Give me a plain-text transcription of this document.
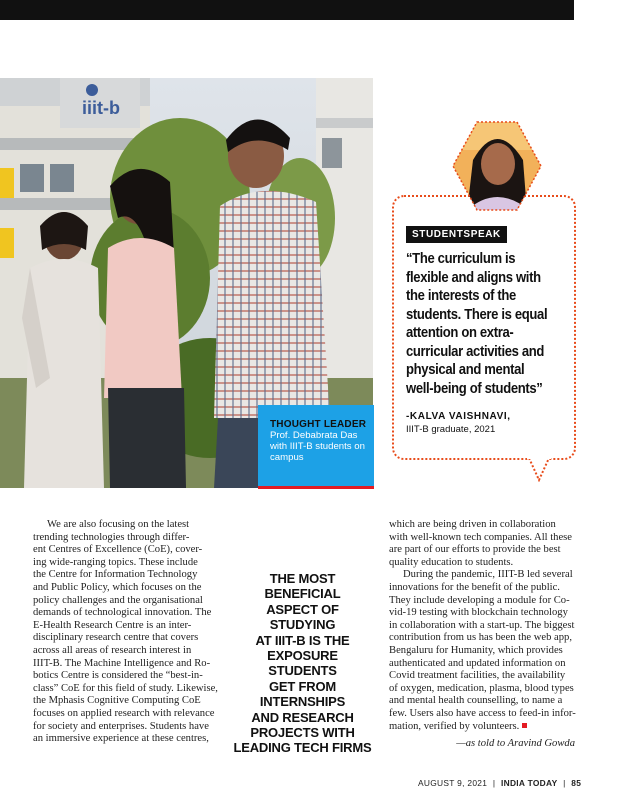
iiit-b
THOUGHT LEADER
Prof. Debabrata Das with IIIT-B students on campus
STUDENTSPEAK
“The curriculum is
flexible and aligns with
the interests of the
students. There is equal
attention on extra-
curricular activities and
physical and mental
well-being of students”
-KALVA VAISHNAVI,
IIIT-B graduate, 2021

We are also focusing on the latest

trending technologies through differ-

ent Centres of Excellence (CoE), cover-

ing wide-ranging topics. These include

the Centre for Information Technology

and Public Policy, which focuses on the

policy challenges and the organisational

demands of technological innovation. The

E-Health Research Centre is an inter-

disciplinary research centre that covers

across all areas of research interest in

IIIT-B. The Machine Intelligence and Ro-

botics Centre is considered the “best-in-

class” CoE for this field of study. Likewise,

the Mphasis Cognitive Computing CoE

focuses on applied research with relevance

for society and enterprises. Students have

an immersive experience at these centres,

THE MOST BENEFICIAL
ASPECT OF STUDYING
AT IIIT-B IS THE
EXPOSURE STUDENTS
GET FROM INTERNSHIPS
AND RESEARCH
PROJECTS WITH
LEADING TECH FIRMS

which are being driven in collaboration

with well-known tech companies. All these

are part of our efforts to provide the best

quality education to students.

During the pandemic, IIIT-B led several

innovations for the benefit of the public.

They include developing a module for Co-

vid-19 testing with blockchain technology

in collaboration with a start-up. The biggest

contribution from us has been the web app,

Bengaluru for Humanity, which provides

authenticated and updated information on

Covid treatment facilities, the availability

of oxygen, medication, plasma, blood types

and mental health counselling, to name a

few. Users also have access to feed-in infor-

mation, verified by volunteers.

—as told to Aravind Gowda
AUGUST 9, 2021 | INDIA TODAY | 85
